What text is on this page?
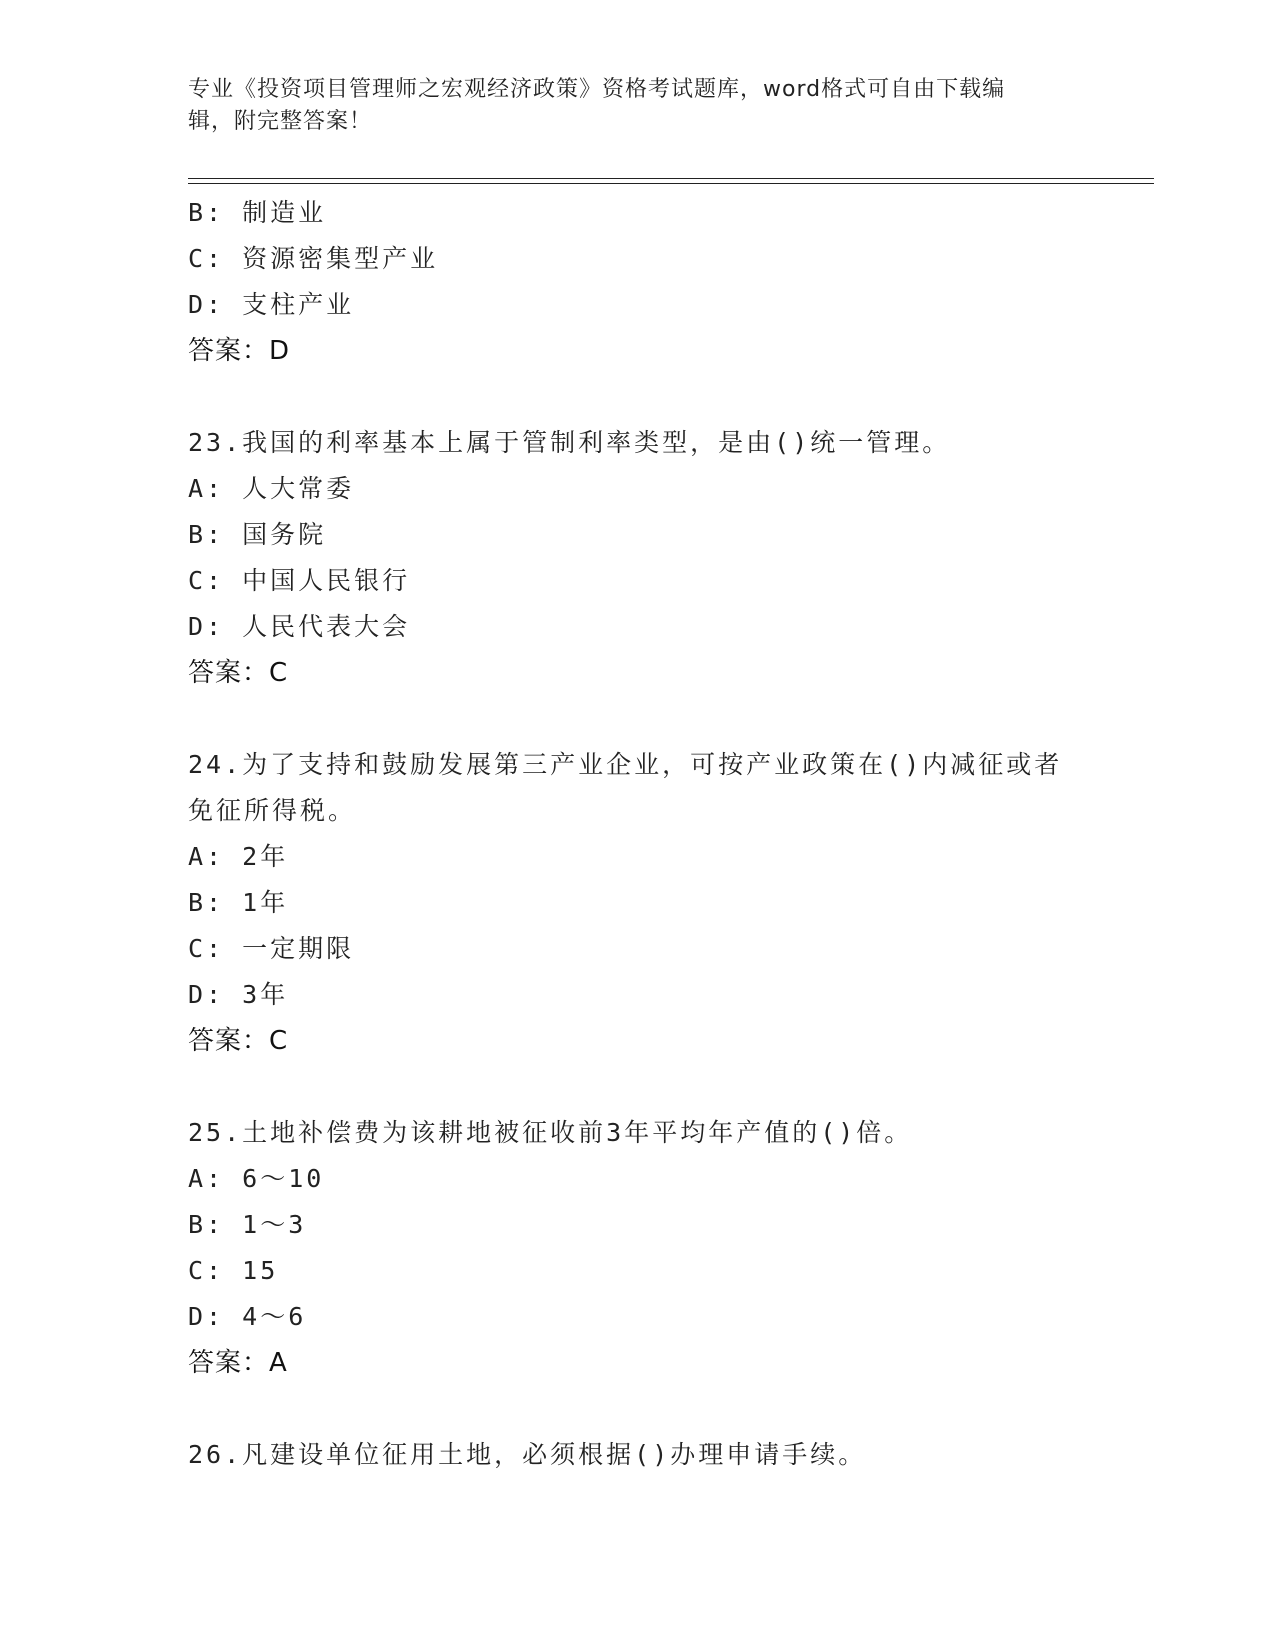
专业《投资项目管理师之宏观经济政策》资格考试题库，word格式可自由下载编
辑，附完整答案！
B: 制造业
C: 资源密集型产业
D: 支柱产业
答案：D
23.我国的利率基本上属于管制利率类型，是由()统一管理。
A: 人大常委
B: 国务院
C: 中国人民银行
D: 人民代表大会
答案：C
24.为了支持和鼓励发展第三产业企业，可按产业政策在()内减征或者
免征所得税。
A: 2年
B: 1年
C: 一定期限
D: 3年
答案：C
25.土地补偿费为该耕地被征收前3年平均年产值的()倍。
A: 6～10
B: 1～3
C: 15
D: 4～6
答案：A
26.凡建设单位征用土地，必须根据()办理申请手续。
